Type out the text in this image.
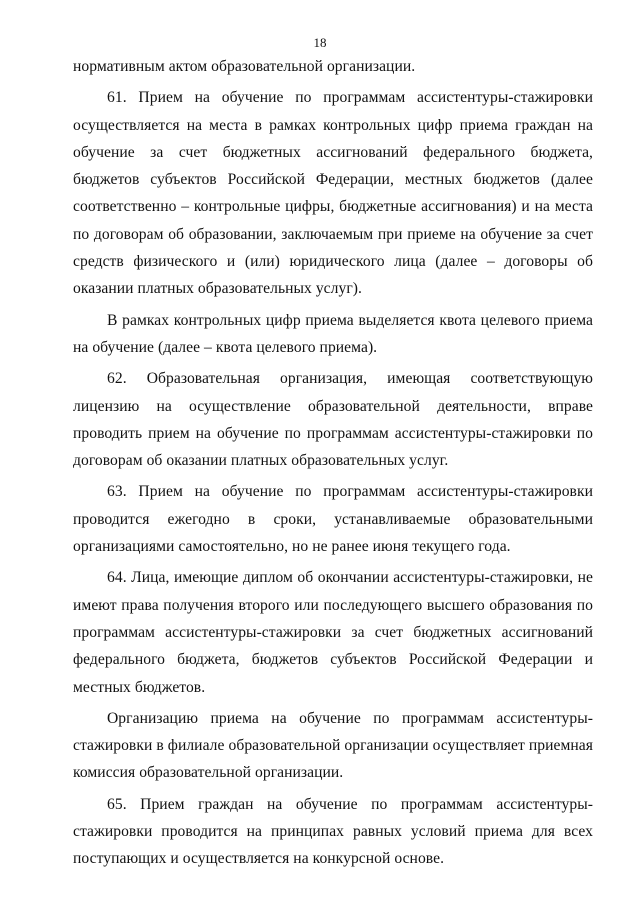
18

нормативным актом образовательной организации.

61. Прием на обучение по программам ассистентуры-стажировки осуществляется на места в рамках контрольных цифр приема граждан на обучение за счет бюджетных ассигнований федерального бюджета, бюджетов субъектов Российской Федерации, местных бюджетов (далее соответственно – контрольные цифры, бюджетные ассигнования) и на места по договорам об образовании, заключаемым при приеме на обучение за счет средств физического и (или) юридического лица (далее – договоры об оказании платных образовательных услуг).

В рамках контрольных цифр приема выделяется квота целевого приема на обучение (далее – квота целевого приема).

62. Образовательная организация, имеющая соответствующую лицензию на осуществление образовательной деятельности, вправе проводить прием на обучение по программам ассистентуры-стажировки по договорам об оказании платных образовательных услуг.

63. Прием на обучение по программам ассистентуры-стажировки проводится ежегодно в сроки, устанавливаемые образовательными организациями самостоятельно, но не ранее июня текущего года.

64. Лица, имеющие диплом об окончании ассистентуры-стажировки, не имеют права получения второго или последующего высшего образования по программам ассистентуры-стажировки за счет бюджетных ассигнований федерального бюджета, бюджетов субъектов Российской Федерации и местных бюджетов.

Организацию приема на обучение по программам ассистентуры-стажировки в филиале образовательной организации осуществляет приемная комиссия образовательной организации.

65. Прием граждан на обучение по программам ассистентуры-стажировки проводится на принципах равных условий приема для всех поступающих и осуществляется на конкурсной основе.
